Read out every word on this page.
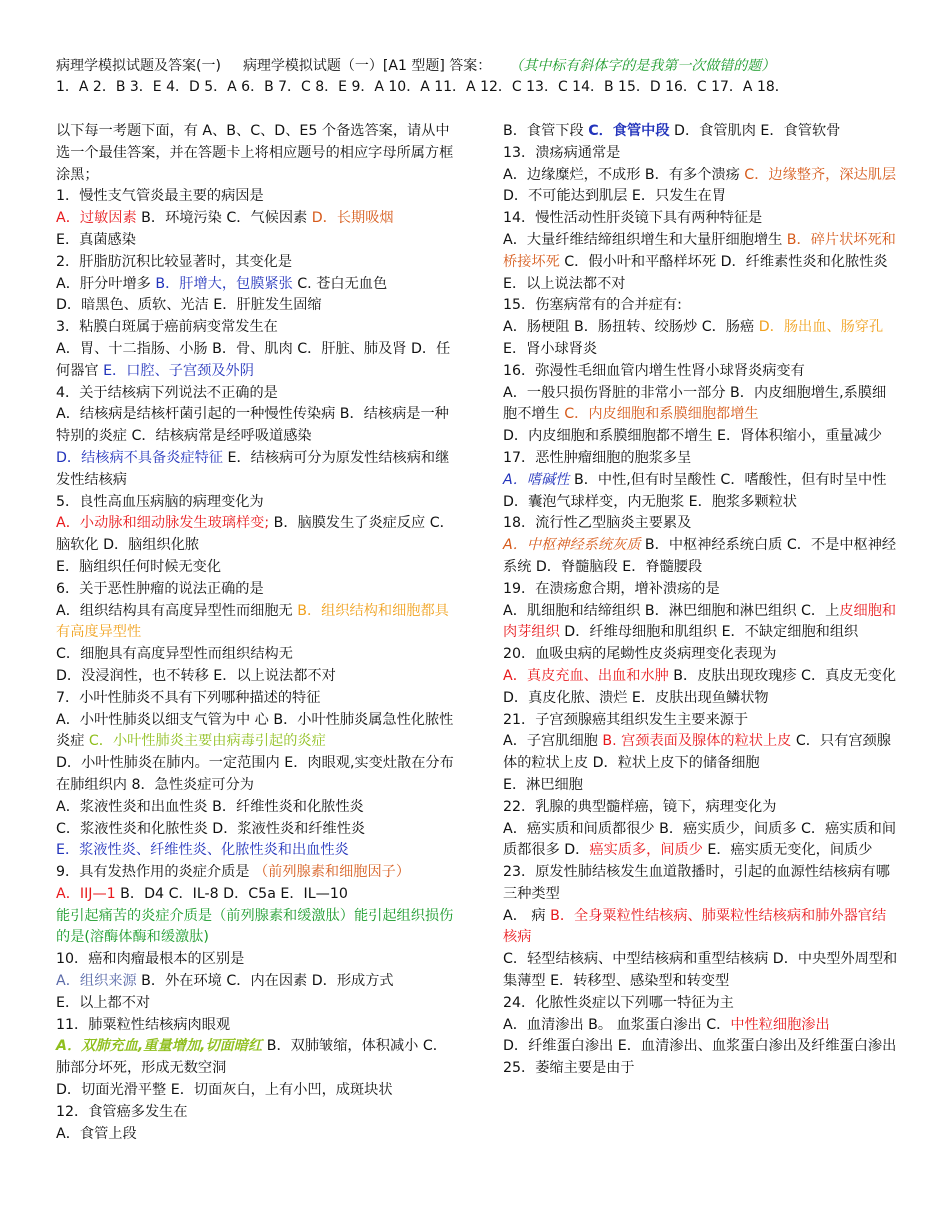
病理学模拟试题及答案(一) 病理学模拟试题（一）[A1 型题] 答案： （其中标有斜体字的是我第一次做错的题）
1．A 2．B 3．E 4．D 5．A 6．B 7．C 8．E 9．A 10．A 11．A 12．C 13．C 14．B 15．D 16．C 17．A 18．

以下每一考题下面，有 A、B、C、D、E5 个备选答案，请从中选一个最佳答案，并在答题卡上将相应题号的相应字母所属方框涂黑；

1．慢性支气管炎最主要的病因是

A．过敏因素 B．环境污染 C．气候因素 D．长期吸烟

E．真菌感染

2．肝脂肪沉积比较显著时，其变化是

A．肝分叶增多 B．肝增大，包膜紧张 C. 苍白无血色

D．暗黑色、质软、光洁 E．肝脏发生固缩

3．粘膜白斑属于癌前病变常发生在

A．胃、十二指肠、小肠 B．骨、肌肉 C．肝脏、肺及肾 D．任何器官 E．口腔、子宫颈及外阴

4．关于结核病下列说法不正确的是

A．结核病是结核杆菌引起的一种慢性传染病 B．结核病是一种特别的炎症 C．结核病常是经呼吸道感染

D．结核病不具备炎症特征 E．结核病可分为原发性结核病和继发性结核病

5．良性高血压病脑的病理变化为

A．小动脉和细动脉发生玻璃样变; B．脑膜发生了炎症反应 C．脑软化 D．脑组织化脓

E．脑组织任何时候无变化

6．关于恶性肿瘤的说法正确的是

A．组织结构具有高度异型性而细胞无 B．组织结构和细胞都具有高度异型性

C．细胞具有高度异型性而组织结构无

D．没浸润性，也不转移 E．以上说法都不对

7．小叶性肺炎不具有下列哪种描述的特征

A．小叶性肺炎以细支气管为中 心 B．小叶性肺炎属急性化脓性炎症 C．小叶性肺炎主要由病毒引起的炎症

D．小叶性肺炎在肺内。一定范围内 E．肉眼观,实变灶散在分布在肺组织内 8．急性炎症可分为

A．浆液性炎和出血性炎 B．纤维性炎和化脓性炎

C．浆液性炎和化脓性炎 D．浆液性炎和纤维性炎

E．浆液性炎、纤维性炎、化脓性炎和出血性炎

9．具有发热作用的炎症介质是 （前列腺素和细胞因子）

A．IIJ—1 B．D4 C．IL-8 D．C5a E．IL—10

能引起痛苦的炎症介质是（前列腺素和缓激肽）能引起组织损伤的是(溶酶体酶和缓激肽)

10．癌和肉瘤最根本的区别是

A．组织来源 B．外在环境 C．内在因素 D．形成方式

E．以上都不对

11．肺粟粒性结核病肉眼观

A．双肺充血,重量增加,切面暗红 B．双肺皱缩，体积减小 C．肺部分坏死，形成无数空洞

D．切面光滑平整 E．切面灰白，上有小凹，成斑块状

12．食管癌多发生在

A．食管上段

B．食管下段 C．食管中段 D．食管肌肉 E．食管软骨

13．溃疡病通常是

A．边缘糜烂，不成形 B．有多个溃疡 C．边缘整齐，深达肌层 D．不可能达到肌层 E．只发生在胃

14．慢性活动性肝炎镜下具有两种特征是

A．大量纤维结缔组织增生和大量肝细胞增生 B．碎片状坏死和桥接坏死 C．假小叶和平酪样坏死 D．纤维素性炎和化脓性炎 E．以上说法都不对

15．伤塞病常有的合并症有:

A．肠梗阻 B．肠扭转、绞肠炒 C．肠癌 D．肠出血、肠穿孔 E．肾小球肾炎

16．弥漫性毛细血管内增生性肾小球肾炎病变有

A．一般只损伤肾脏的非常小一部分 B．内皮细胞增生,系膜细胞不增生 C．内皮细胞和系膜细胞都增生

D．内皮细胞和系膜细胞都不增生 E．肾体积缩小，重量减少

17．恶性肿瘤细胞的胞浆多呈

A．嗜碱性 B．中性,但有时呈酸性 C．嗜酸性，但有时呈中性 D．囊泡气球样变，内无胞浆 E．胞浆多颗粒状

18．流行性乙型脑炎主要累及

A．中枢神经系统灰质 B．中枢神经系统白质 C．不是中枢神经系统 D．脊髓脑段 E．脊髓腰段

19．在溃疡愈合期，增补溃疡的是

A．肌细胞和结缔组织 B．淋巴细胞和淋巴组织 C．上皮细胞和肉芽组织 D．纤维母细胞和肌组织 E．不缺定细胞和组织

20．血吸虫病的尾蚴性皮炎病理变化表现为

A．真皮充血、出血和水肿 B．皮肤出现玫瑰疹 C．真皮无变化 D．真皮化脓、溃烂 E．皮肤出现鱼鳞状物

21．子宫颈腺癌其组织发生主要来源于

A．子宫肌细胞 B. 宫颈表面及腺体的粒状上皮 C．只有宫颈腺体的粒状上皮 D．粒状上皮下的储备细胞

E．淋巴细胞

22．乳腺的典型髓样癌，镜下，病理变化为

A．癌实质和间质都很少 B．癌实质少，间质多 C．癌实质和间质都很多 D．癌实质多，间质少 E．癌实质无变化，间质少

23．原发性肺结核发生血道散播时，引起的血源性结核病有哪三种类型

A． 病 B．全身粟粒性结核病、肺粟粒性结核病和肺外器官结核病

C．轻型结核病、中型结核病和重型结核病 D．中央型外周型和集薄型 E．转移型、感染型和转变型

24．化脓性炎症以下列哪一特征为主

A．血清渗出 B。 血浆蛋白渗出 C．中性粒细胞渗出

D．纤维蛋白渗出 E．血清渗出、血浆蛋白渗出及纤维蛋白渗出

25．萎缩主要是由于
